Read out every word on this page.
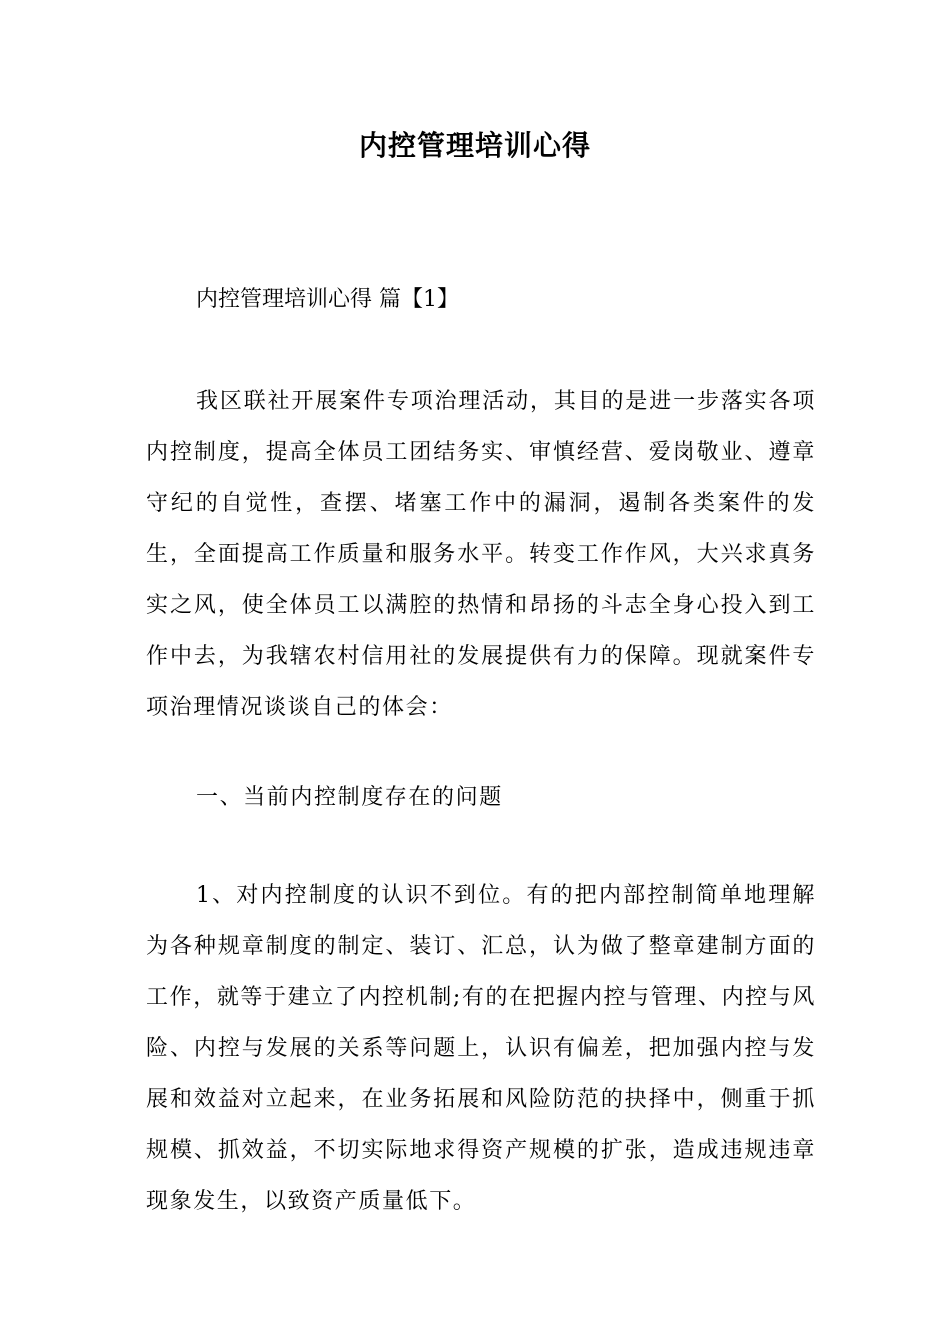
内控管理培训心得
内控管理培训心得 篇【1】

我区联社开展案件专项治理活动，其目的是进一步落实各项内控制度，提高全体员工团结务实、审慎经营、爱岗敬业、遵章守纪的自觉性，查摆、堵塞工作中的漏洞，遏制各类案件的发生，全面提高工作质量和服务水平。转变工作作风，大兴求真务实之风，使全体员工以满腔的热情和昂扬的斗志全身心投入到工作中去，为我辖农村信用社的发展提供有力的保障。现就案件专项治理情况谈谈自己的体会：

一、当前内控制度存在的问题

1、对内控制度的认识不到位。有的把内部控制简单地理解为各种规章制度的制定、装订、汇总，认为做了整章建制方面的工作，就等于建立了内控机制;有的在把握内控与管理、内控与风险、内控与发展的关系等问题上，认识有偏差，把加强内控与发展和效益对立起来，在业务拓展和风险防范的抉择中，侧重于抓规模、抓效益，不切实际地求得资产规模的扩张，造成违规违章现象发生，以致资产质量低下。
